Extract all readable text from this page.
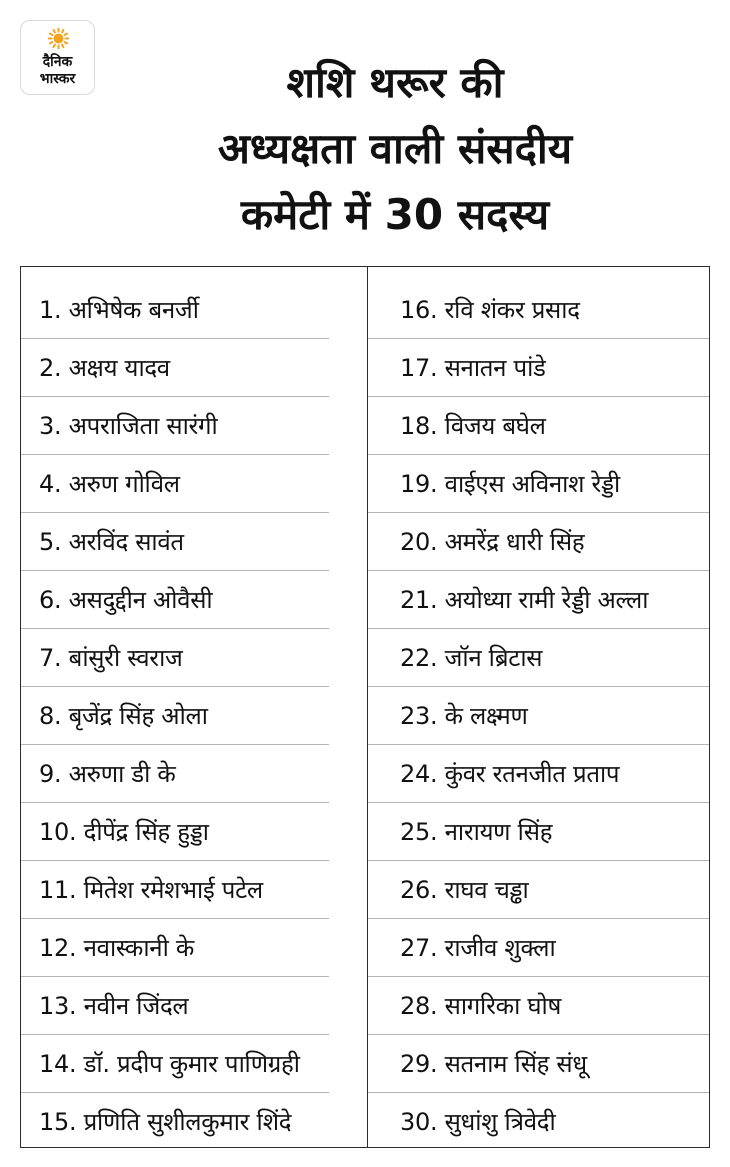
दैनिक
भास्कर	शशि थरूर की
अध्यक्षता वाली संसदीय
कमेटी में 30 सदस्य
1. अभिषेक बनर्जी
2. अक्षय यादव
3. अपराजिता सारंगी
4. अरुण गोविल
5. अरविंद सावंत
6. असदुद्दीन ओवैसी
7. बांसुरी स्वराज
8. बृजेंद्र सिंह ओला
9. अरुणा डी के
10. दीपेंद्र सिंह हुड्डा
11. मितेश रमेशभाई पटेल
12. नवास्कानी के
13. नवीन जिंदल
14. डॉ. प्रदीप कुमार पाणिग्रही
15. प्रणिति सुशीलकुमार शिंदे
16. रवि शंकर प्रसाद
17. सनातन पांडे
18. विजय बघेल
19. वाईएस अविनाश रेड्डी
20. अमरेंद्र धारी सिंह
21. अयोध्या रामी रेड्डी अल्ला
22. जॉन ब्रिटास
23. के लक्ष्मण
24. कुंवर रतनजीत प्रताप
25. नारायण सिंह
26. राघव चड्ढा
27. राजीव शुक्ला
28. सागरिका घोष
29. सतनाम सिंह संधू
30. सुधांशु त्रिवेदी
